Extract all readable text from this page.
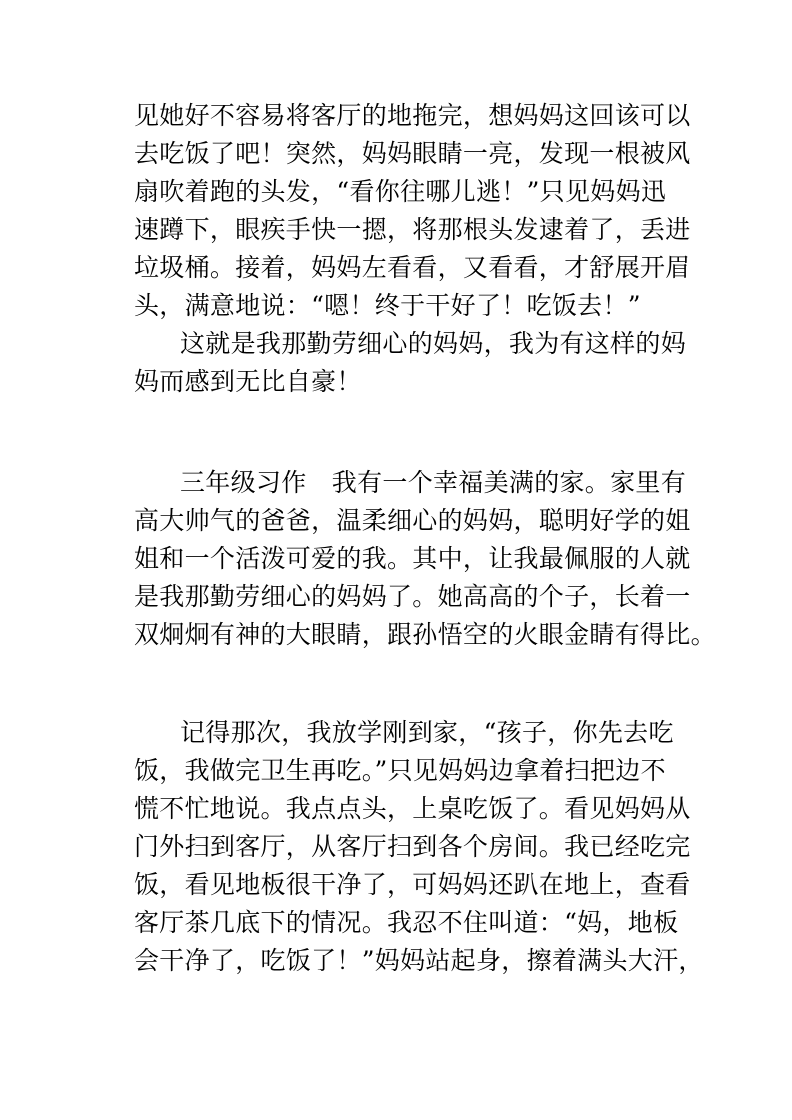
见她好不容易将客厅的地拖完，想妈妈这回该可以
去吃饭了吧！突然，妈妈眼睛一亮，发现一根被风
扇吹着跑的头发，“看你往哪儿逃！”只见妈妈迅
速蹲下，眼疾手快一摁，将那根头发逮着了，丢进
垃圾桶。接着，妈妈左看看，又看看，才舒展开眉
头，满意地说：“嗯！终于干好了！吃饭去！”
这就是我那勤劳细心的妈妈，我为有这样的妈
妈而感到无比自豪！
三年级习作　我有一个幸福美满的家。家里有
高大帅气的爸爸，温柔细心的妈妈，聪明好学的姐
姐和一个活泼可爱的我。其中，让我最佩服的人就
是我那勤劳细心的妈妈了。她高高的个子，长着一
双炯炯有神的大眼睛，跟孙悟空的火眼金睛有得比。
记得那次，我放学刚到家，“孩子，你先去吃
饭，我做完卫生再吃。”只见妈妈边拿着扫把边不
慌不忙地说。我点点头，上桌吃饭了。看见妈妈从
门外扫到客厅，从客厅扫到各个房间。我已经吃完
饭，看见地板很干净了，可妈妈还趴在地上，查看
客厅茶几底下的情况。我忍不住叫道：“妈，地板
会干净了，吃饭了！”妈妈站起身，擦着满头大汗，
